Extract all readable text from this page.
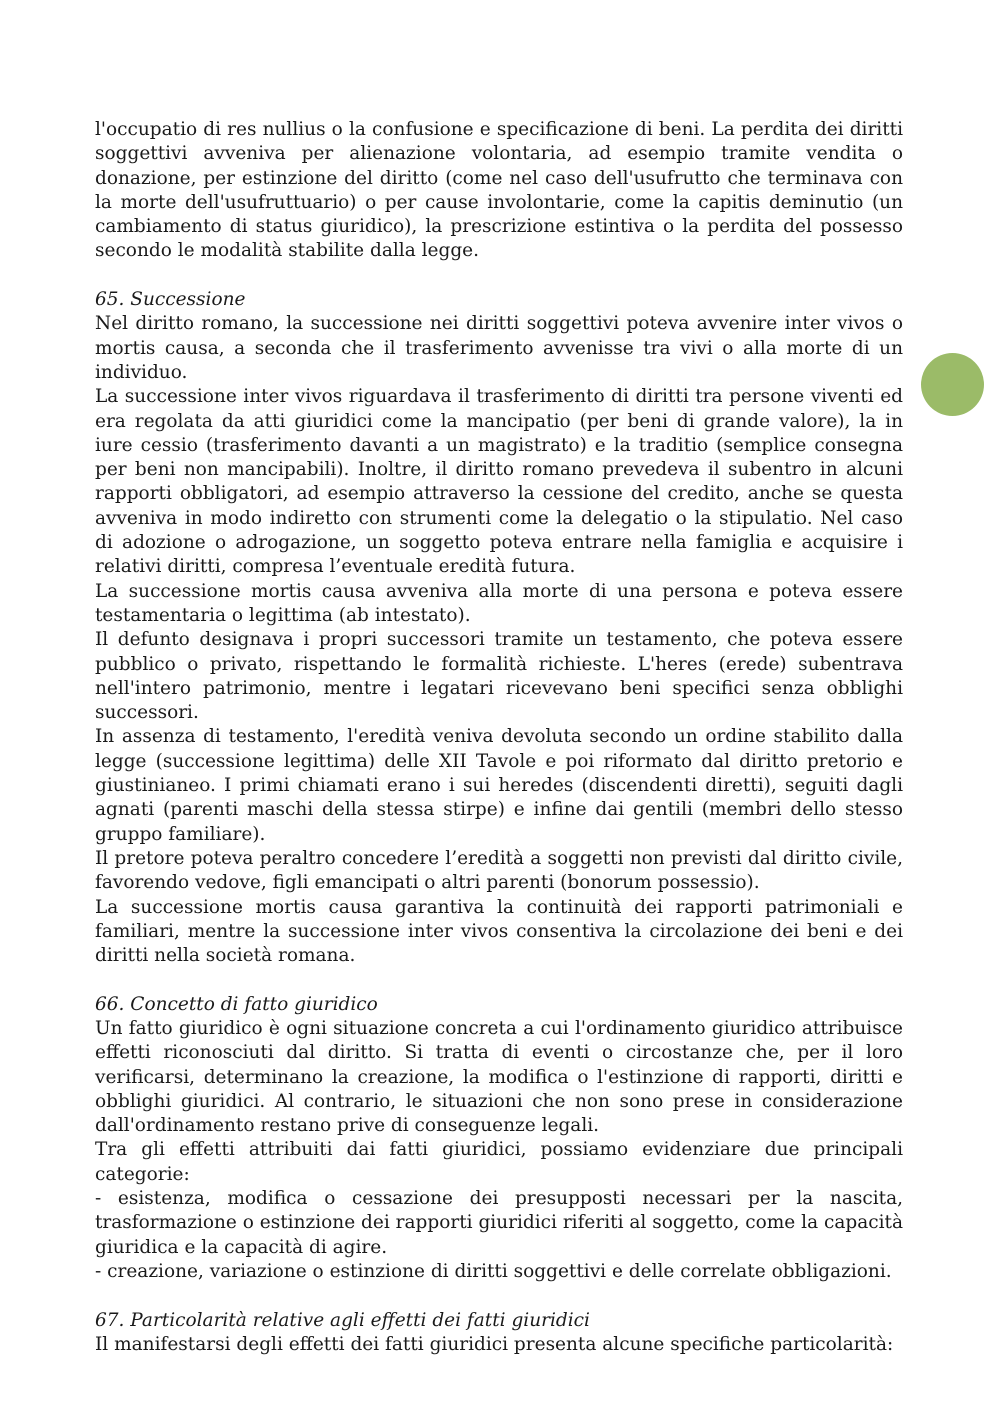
l'occupatio di res nullius o la confusione e specificazione di beni. La perdita dei diritti soggettivi avveniva per alienazione volontaria, ad esempio tramite vendita o donazione, per estinzione del diritto (come nel caso dell'usufrutto che terminava con la morte dell'usufruttuario) o per cause involontarie, come la capitis deminutio (un cambiamento di status giuridico), la prescrizione estintiva o la perdita del possesso secondo le modalità stabilite dalla legge.

65. Successione

Nel diritto romano, la successione nei diritti soggettivi poteva avvenire inter vivos o mortis causa, a seconda che il trasferimento avvenisse tra vivi o alla morte di un individuo.

La successione inter vivos riguardava il trasferimento di diritti tra persone viventi ed era regolata da atti giuridici come la mancipatio (per beni di grande valore), la in iure cessio (trasferimento davanti a un magistrato) e la traditio (semplice consegna per beni non mancipabili). Inoltre, il diritto romano prevedeva il subentro in alcuni rapporti obbligatori, ad esempio attraverso la cessione del credito, anche se questa avveniva in modo indiretto con strumenti come la delegatio o la stipulatio. Nel caso di adozione o adrogazione, un soggetto poteva entrare nella famiglia e acquisire i relativi diritti, compresa l’eventuale eredità futura.

La successione mortis causa avveniva alla morte di una persona e poteva essere testamentaria o legittima (ab intestato).

Il defunto designava i propri successori tramite un testamento, che poteva essere pubblico o privato, rispettando le formalità richieste. L'heres (erede) subentrava nell'intero patrimonio, mentre i legatari ricevevano beni specifici senza obblighi successori.

In assenza di testamento, l'eredità veniva devoluta secondo un ordine stabilito dalla legge (successione legittima) delle XII Tavole e poi riformato dal diritto pretorio e giustinianeo. I primi chiamati erano i sui heredes (discendenti diretti), seguiti dagli agnati (parenti maschi della stessa stirpe) e infine dai gentili (membri dello stesso gruppo familiare).

Il pretore poteva peraltro concedere l’eredità a soggetti non previsti dal diritto civile, favorendo vedove, figli emancipati o altri parenti (bonorum possessio).

La successione mortis causa garantiva la continuità dei rapporti patrimoniali e familiari, mentre la successione inter vivos consentiva la circolazione dei beni e dei diritti nella società romana.

66. Concetto di fatto giuridico

Un fatto giuridico è ogni situazione concreta a cui l'ordinamento giuridico attribuisce effetti riconosciuti dal diritto. Si tratta di eventi o circostanze che, per il loro verificarsi, determinano la creazione, la modifica o l'estinzione di rapporti, diritti e obblighi giuridici. Al contrario, le situazioni che non sono prese in considerazione dall'ordinamento restano prive di conseguenze legali.

Tra gli effetti attribuiti dai fatti giuridici, possiamo evidenziare due principali categorie:

- esistenza, modifica o cessazione dei presupposti necessari per la nascita, trasformazione o estinzione dei rapporti giuridici riferiti al soggetto, come la capacità giuridica e la capacità di agire.

- creazione, variazione o estinzione di diritti soggettivi e delle correlate obbligazioni.

67. Particolarità relative agli effetti dei fatti giuridici

Il manifestarsi degli effetti dei fatti giuridici presenta alcune specifiche particolarità:
